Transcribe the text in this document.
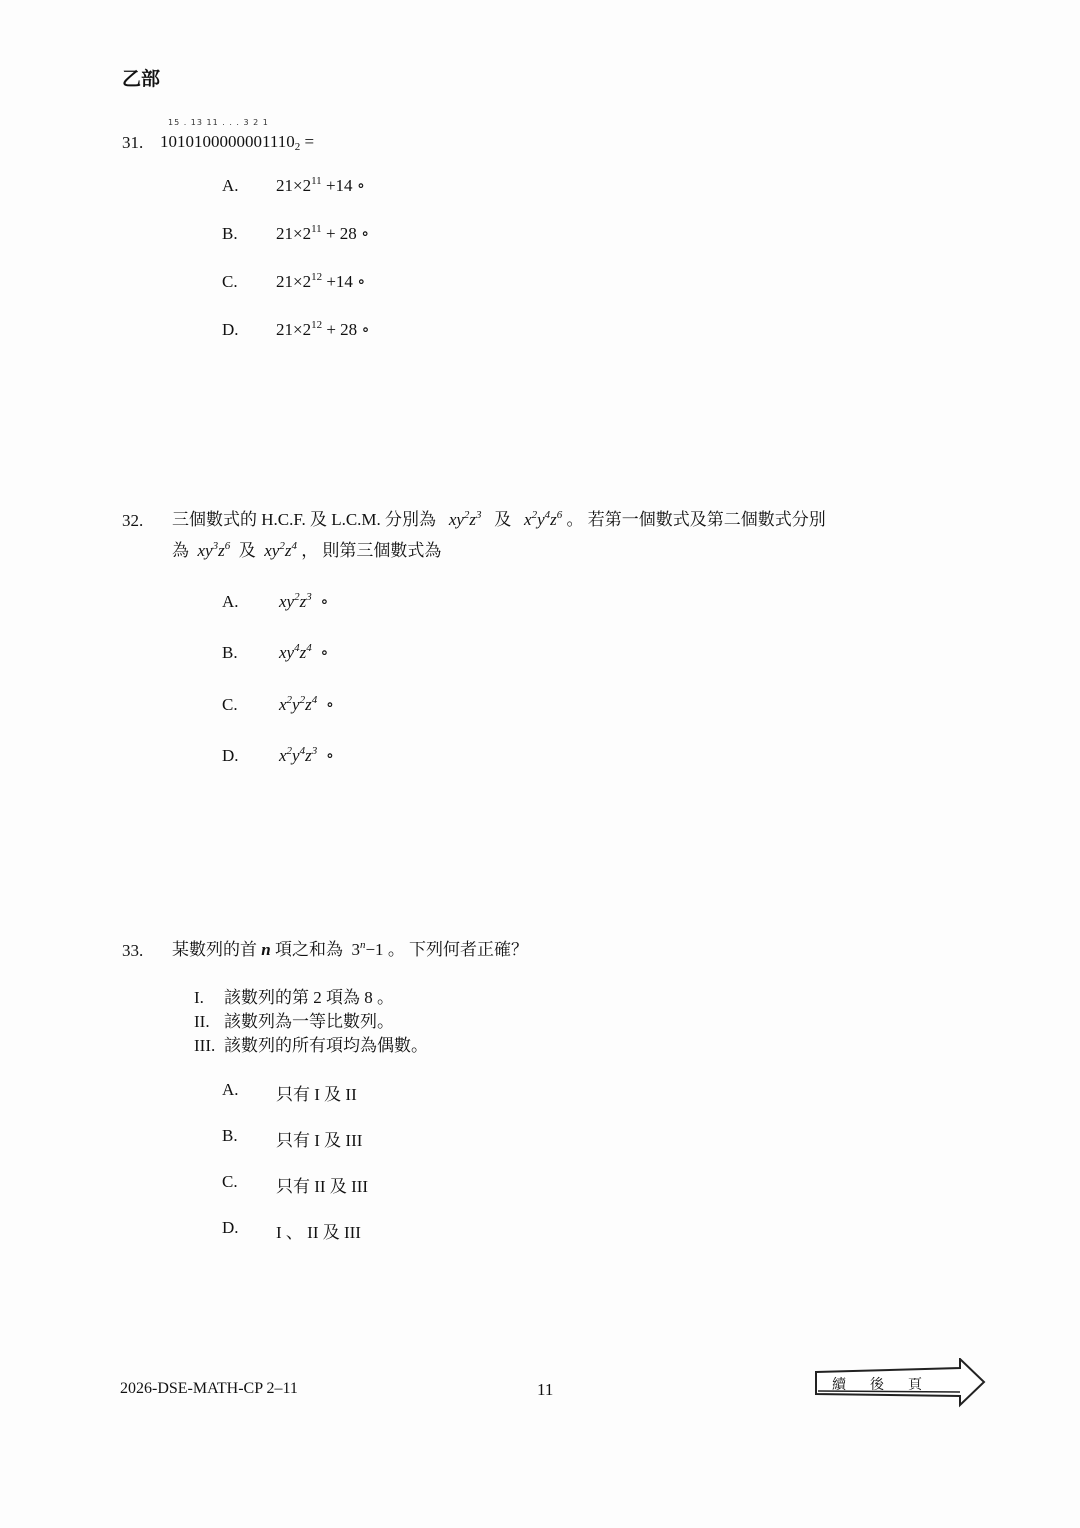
乙部
31.
15 . 13 11 . . . 3 2 1
$1010100000001110_2$ =
A. $21\times 2^{11} +14$ ∘
B. $21\times 2^{11} + 28$ ∘
C. $21\times 2^{12} +14$ ∘
D. $21\times 2^{12} + 28$ ∘
32. 三個數式的 H.C.F. 及 L.C.M. 分別為 $xy^2z^3$ 及 $x^2y^4z^6$ 。 若第一個數式及第二個數式分別
為 $xy^3z^6$ 及 $xy^2z^4$ ， 則第三個數式為
A. $xy^2z^3$ ∘
B. $xy^4z^4$ ∘
C. $x^2y^2z^4$ ∘
D. $x^2y^4z^3$ ∘
33. 某數列的首 n 項之和為 $3^n-1$ 。 下列何者正確？
I. 該數列的第 2 項為 8 。
II. 該數列為一等比數列。
III. 該數列的所有項均為偶數。
A. 只有 I 及 II
B. 只有 I 及 III
C. 只有 II 及 III
D. I 、 II 及 III
2026-DSE-MATH-CP 2–11	11	續後頁
